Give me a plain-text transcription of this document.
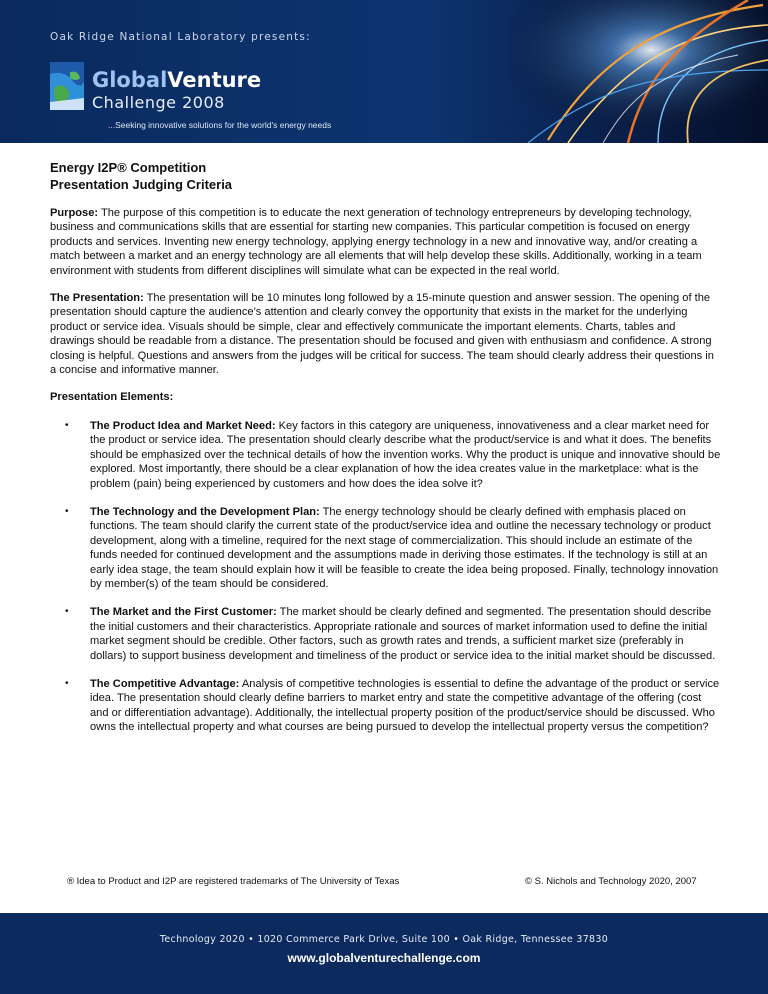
Oak Ridge National Laboratory presents:
GlobalVenture
Challenge 2008
...Seeking innovative solutions for the world's energy needs
Energy I2P® Competition
Presentation Judging Criteria
Purpose: The purpose of this competition is to educate the next generation of technology entrepreneurs by developing technology, business and communications skills that are essential for starting new companies. This particular competition is focused on energy products and services. Inventing new energy technology, applying energy technology in a new and innovative way, and/or creating a match between a market and an energy technology are all elements that will help develop these skills. Additionally, working in a team environment with students from different disciplines will simulate what can be expected in the real world.
The Presentation: The presentation will be 10 minutes long followed by a 15-minute question and answer session. The opening of the presentation should capture the audience’s attention and clearly convey the opportunity that exists in the market for the underlying product or service idea. Visuals should be simple, clear and effectively communicate the important elements. Charts, tables and drawings should be readable from a distance. The presentation should be focused and given with enthusiasm and confidence. A strong closing is helpful. Questions and answers from the judges will be critical for success. The team should clearly address their questions in a concise and informative manner.
Presentation Elements:
• The Product Idea and Market Need: Key factors in this category are uniqueness, innovativeness and a clear market need for the product or service idea. The presentation should clearly describe what the product/service is and what it does. The benefits should be emphasized over the technical details of how the invention works. Why the product is unique and innovative should be explored. Most importantly, there should be a clear explanation of how the idea creates value in the marketplace: what is the problem (pain) being experienced by customers and how does the idea solve it?
• The Technology and the Development Plan: The energy technology should be clearly defined with emphasis placed on functions. The team should clarify the current state of the product/service idea and outline the necessary technology or product development, along with a timeline, required for the next stage of commercialization. This should include an estimate of the funds needed for continued development and the assumptions made in deriving those estimates. If the technology is still at an early idea stage, the team should explain how it will be feasible to create the idea being proposed. Finally, technology innovation by member(s) of the team should be considered.
• The Market and the First Customer: The market should be clearly defined and segmented. The presentation should describe the initial customers and their characteristics. Appropriate rationale and sources of market information used to define the initial market segment should be credible. Other factors, such as growth rates and trends, a sufficient market size (preferably in dollars) to support business development and timeliness of the product or service idea to the initial market should be discussed.
• The Competitive Advantage: Analysis of competitive technologies is essential to define the advantage of the product or service idea. The presentation should clearly define barriers to market entry and state the competitive advantage of the offering (cost and or differentiation advantage). Additionally, the intellectual property position of the product/service should be discussed. Who owns the intellectual property and what courses are being pursued to develop the intellectual property versus the competition?
® Idea to Product and I2P are registered trademarks of The University of Texas	© S. Nichols and Technology 2020, 2007
Technology 2020 • 1020 Commerce Park Drive, Suite 100 • Oak Ridge, Tennessee 37830
www.globalventurechallenge.com
